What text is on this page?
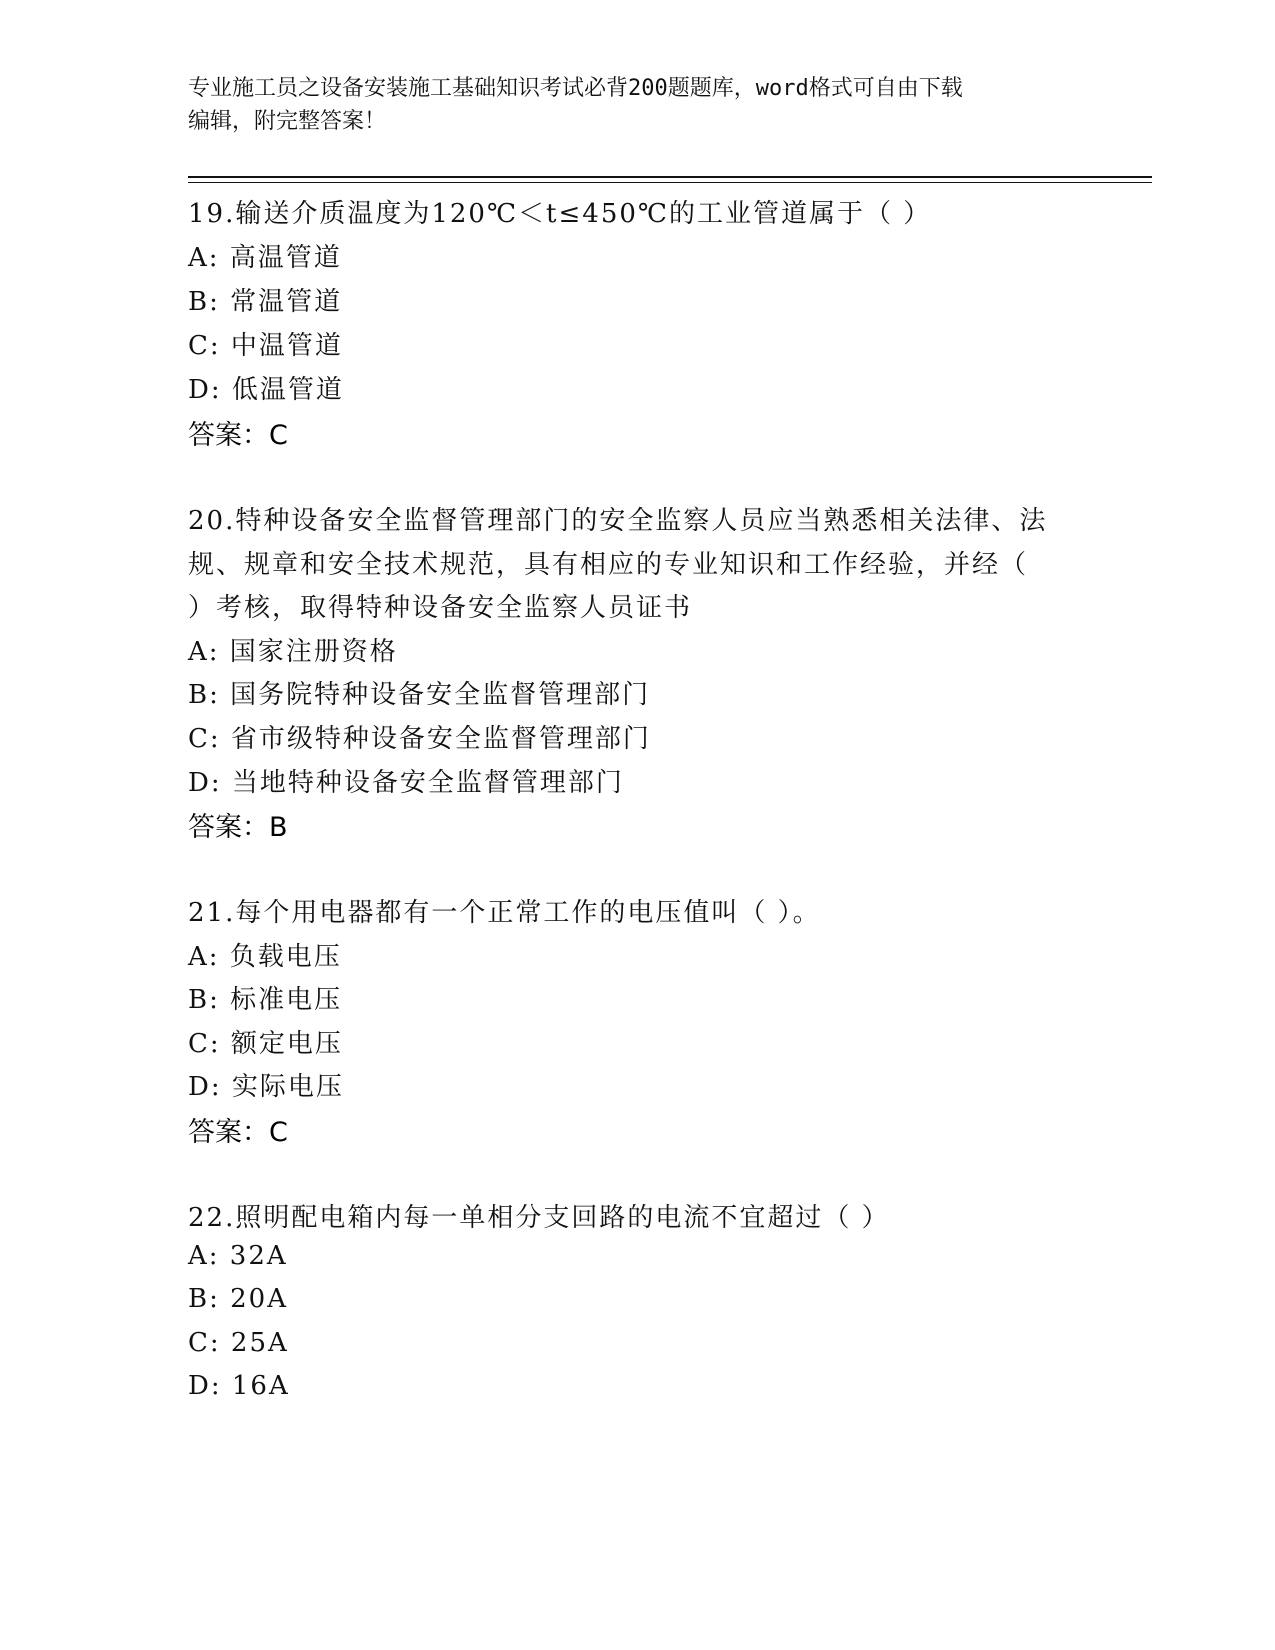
专业施工员之设备安装施工基础知识考试必背200题题库，word格式可自由下载
编辑，附完整答案！
19.输送介质温度为120℃＜t≤450℃的工业管道属于（ ）
A: 高温管道
B: 常温管道
C: 中温管道
D: 低温管道
答案：C
20.特种设备安全监督管理部门的安全监察人员应当熟悉相关法律、法
规、规章和安全技术规范，具有相应的专业知识和工作经验，并经（
）考核，取得特种设备安全监察人员证书
A: 国家注册资格
B: 国务院特种设备安全监督管理部门
C: 省市级特种设备安全监督管理部门
D: 当地特种设备安全监督管理部门
答案：B
21.每个用电器都有一个正常工作的电压值叫（ ）。
A: 负载电压
B: 标准电压
C: 额定电压
D: 实际电压
答案：C
22.照明配电箱内每一单相分支回路的电流不宜超过（ ）
A: 32A
B: 20A
C: 25A
D: 16A
